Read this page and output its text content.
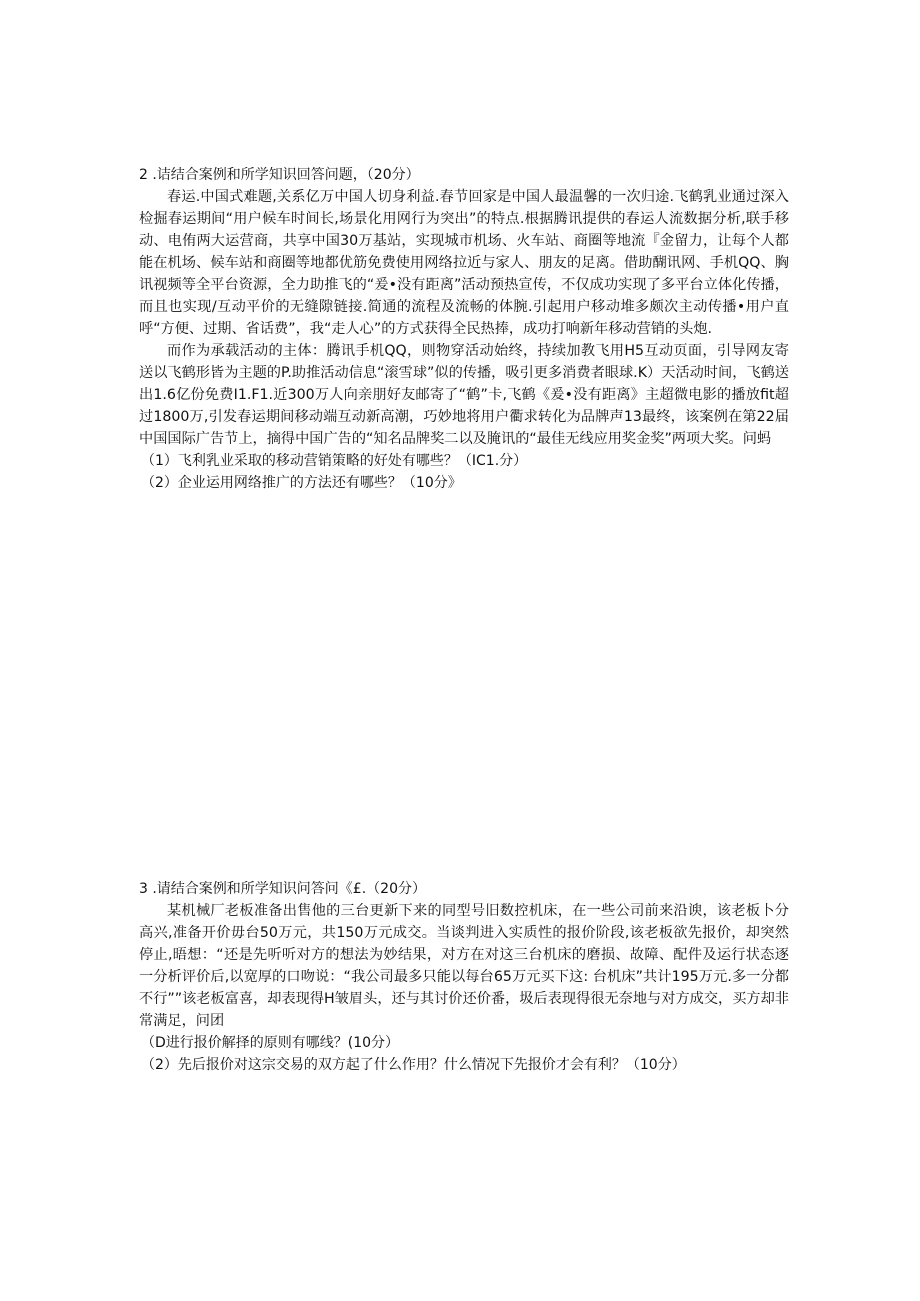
2 .诘结合案例和所学知识回答问题，（20分）

春运.中国式难题,关系亿万中国人切身利益.春节回家是中国人最温馨的一次归途.飞鹤乳业通过深入检掘春运期间“用户候车时间长,场景化用网行为突出”的特点.根据腾讯提供的春运人流数据分析,联手移动、电侑两大运营商，共享中国30万基站，实现城市机场、火车站、商圈等地流『金留力，让每个人都能在机场、候车站和商圈等地都优筋免费使用网络拉近与家人、朋友的足离。借助醐讯网、手机QQ、胸讯视频等全平台资源，全力助推飞的“爰•没有距离”活动预热宣传，不仅成功实现了多平台立体化传播，而且也实现/互动平价的无缝隙链接.简通的流程及流畅的体腕.引起用户移动堆多颇次主动传播•用户直呼“方便、过期、省话费”，我“走人心”的方式获得全民热捧，成功打响新年移动营销的头炮.

而作为承载活动的主体：腾讯手机QQ，则物穿活动始终，持续加教飞用H5互动页面，引导网友寄送以飞鹤形皆为主题的P.助推活动信息“滚雪球”似的传播，吸引更多消费者眼球.K）天活动时间，飞鹤送出1.6亿份免费I1.F1.近300万人向亲朋好友邮寄了“鹤”卡,飞鹤《爰•没有距离》主超微电影的播放fit超过1800万,引发春运期间移动端互动新高潮，巧妙地将用户衢求转化为品牌声13最终，该案例在第22届中国国际广告节上，摘得中国广告的“知名品牌奖二以及腌讯的“最佳无线应用奖金奖”两项大奖。问蚂

（1）飞利乳业采取的移动营销策略的好处有哪些？（IC1.分）

（2）企业运用网络推广的方法还有哪些？（10分》

3 .请结合案例和所学知识问答问《£.（20分）

某机械厂老板准备出售他的三台更新下来的同型号旧数控机床，在一些公司前来沿谀，该老板卜分高兴,准备开价毋台50万元，共150万元成交。当谈判进入实质性的报价阶段,该老板欲先报价，却突然停止,晤想：“还是先听听对方的想法为妙结果，对方在对这三台机床的磨损、故障、配件及运行状态逐一分析评价后,以宽厚的口吻说：“我公司最多只能以每台65万元买下这: 台机床”共计195万元.多一分都不行””该老板富喜，却表现得H皱眉头，还与其讨价还价番，圾后表现得很无奈地与对方成交，买方却非常满足，问团

（D进行报价解择的原则有哪线？(10分）

（2）先后报价对这宗交易的双方起了什么作用？什么情况下先报价才会有利？（10分）
